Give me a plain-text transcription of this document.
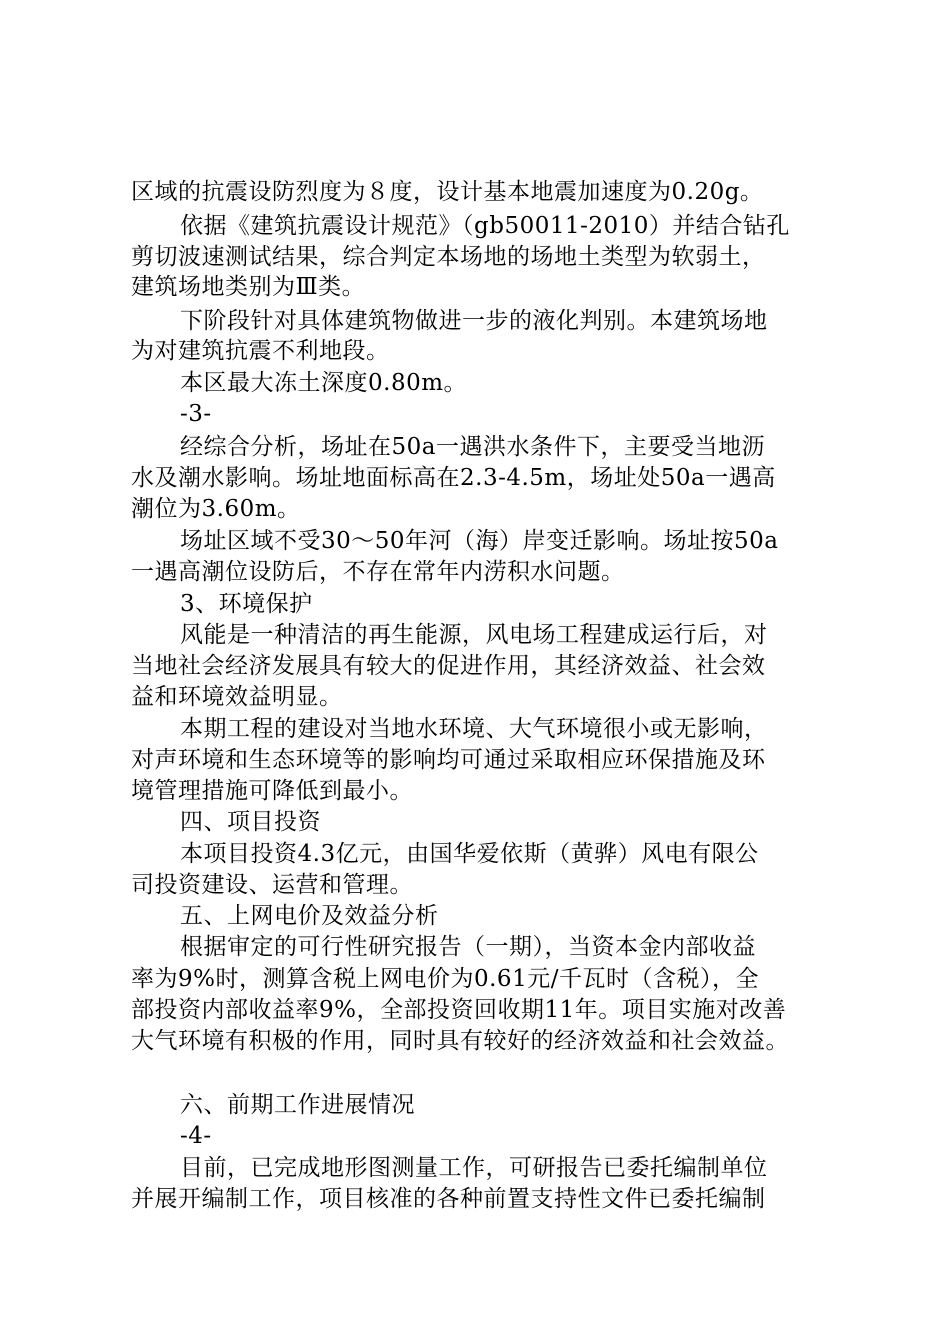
区域的抗震设防烈度为８度，设计基本地震加速度为0.20g。
依据《建筑抗震设计规范》（gb50011-2010）并结合钻孔
剪切波速测试结果，综合判定本场地的场地土类型为软弱土，
建筑场地类别为Ⅲ类。
下阶段针对具体建筑物做进一步的液化判别。本建筑场地
为对建筑抗震不利地段。
本区最大冻土深度0.80m。
-3-
经综合分析，场址在50a一遇洪水条件下，主要受当地沥
水及潮水影响。场址地面标高在2.3-4.5m，场址处50a一遇高
潮位为3.60m。
场址区域不受30～50年河（海）岸变迁影响。场址按50a
一遇高潮位设防后，不存在常年内涝积水问题。
3、环境保护
风能是一种清洁的再生能源，风电场工程建成运行后，对
当地社会经济发展具有较大的促进作用，其经济效益、社会效
益和环境效益明显。
本期工程的建设对当地水环境、大气环境很小或无影响，
对声环境和生态环境等的影响均可通过采取相应环保措施及环
境管理措施可降低到最小。
四、项目投资
本项目投资4.3亿元，由国华爱依斯（黄骅）风电有限公
司投资建设、运营和管理。
五、上网电价及效益分析
根据审定的可行性研究报告（一期），当资本金内部收益
率为9%时，测算含税上网电价为0.61元/千瓦时（含税），全
部投资内部收益率9%，全部投资回收期11年。项目实施对改善
大气环境有积极的作用，同时具有较好的经济效益和社会效益。
六、前期工作进展情况
-4-
目前，已完成地形图测量工作，可研报告已委托编制单位
并展开编制工作，项目核准的各种前置支持性文件已委托编制
